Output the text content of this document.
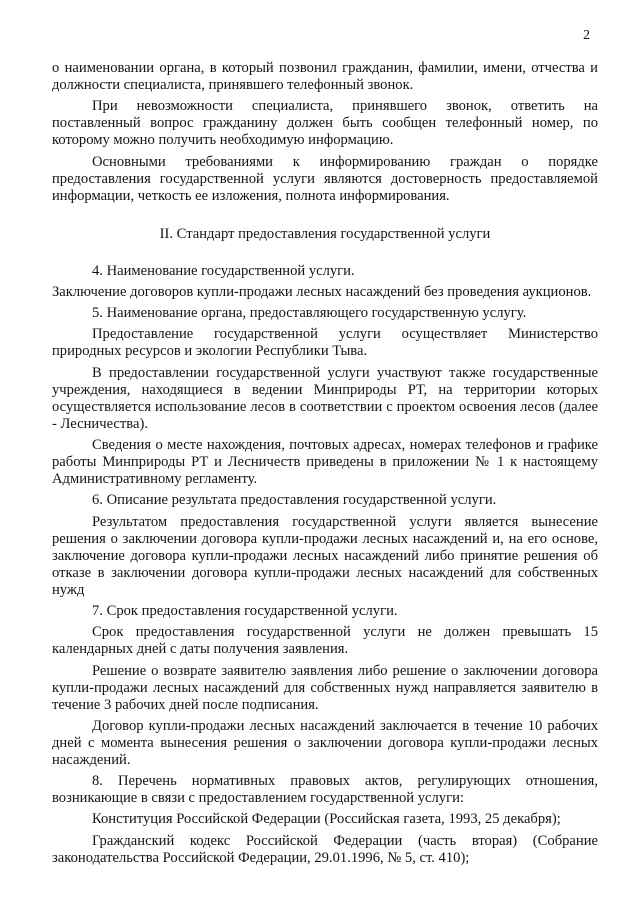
2

о наименовании органа, в который позвонил гражданин, фамилии, имени, отчества и должности специалиста, принявшего телефонный звонок.

При невозможности специалиста, принявшего звонок, ответить на поставленный вопрос гражданину должен быть сообщен телефонный номер, по которому можно получить необходимую информацию.

Основными требованиями к информированию граждан о порядке предоставления государственной услуги являются достоверность предоставляемой информации, четкость ее изложения, полнота информирования.

II. Стандарт предоставления государственной услуги

4. Наименование государственной услуги.

Заключение договоров купли-продажи лесных насаждений без проведения аукционов.

5. Наименование органа, предоставляющего государственную услугу.

Предоставление государственной услуги осуществляет Министерство природных ресурсов и экологии Республики Тыва.

В предоставлении государственной услуги участвуют также государственные учреждения, находящиеся в ведении Минприроды РТ, на территории которых осуществляется использование лесов в соответствии с проектом освоения лесов (далее - Лесничества).

Сведения о месте нахождения, почтовых адресах, номерах телефонов и графике работы Минприроды РТ и Лесничеств приведены в приложении № 1 к настоящему Административному регламенту.

6. Описание результата предоставления государственной услуги.

Результатом предоставления государственной услуги является вынесение решения о заключении договора купли-продажи лесных насаждений и, на его основе, заключение договора купли-продажи лесных насаждений либо принятие решения об отказе в заключении договора купли-продажи лесных насаждений для собственных нужд

7. Срок предоставления государственной услуги.

Срок предоставления государственной услуги не должен превышать 15 календарных дней с даты получения заявления.

Решение о возврате заявителю заявления либо решение о заключении договора купли-продажи лесных насаждений для собственных нужд направляется заявителю в течение 3 рабочих дней после подписания.

Договор купли-продажи лесных насаждений заключается в течение 10 рабочих дней с момента вынесения решения о заключении договора купли-продажи лесных насаждений.

8. Перечень нормативных правовых актов, регулирующих отношения, возникающие в связи с предоставлением государственной услуги:

Конституция Российской Федерации (Российская газета, 1993, 25 декабря);

Гражданский кодекс Российской Федерации (часть вторая) (Собрание законодательства Российской Федерации, 29.01.1996, № 5, ст. 410);
